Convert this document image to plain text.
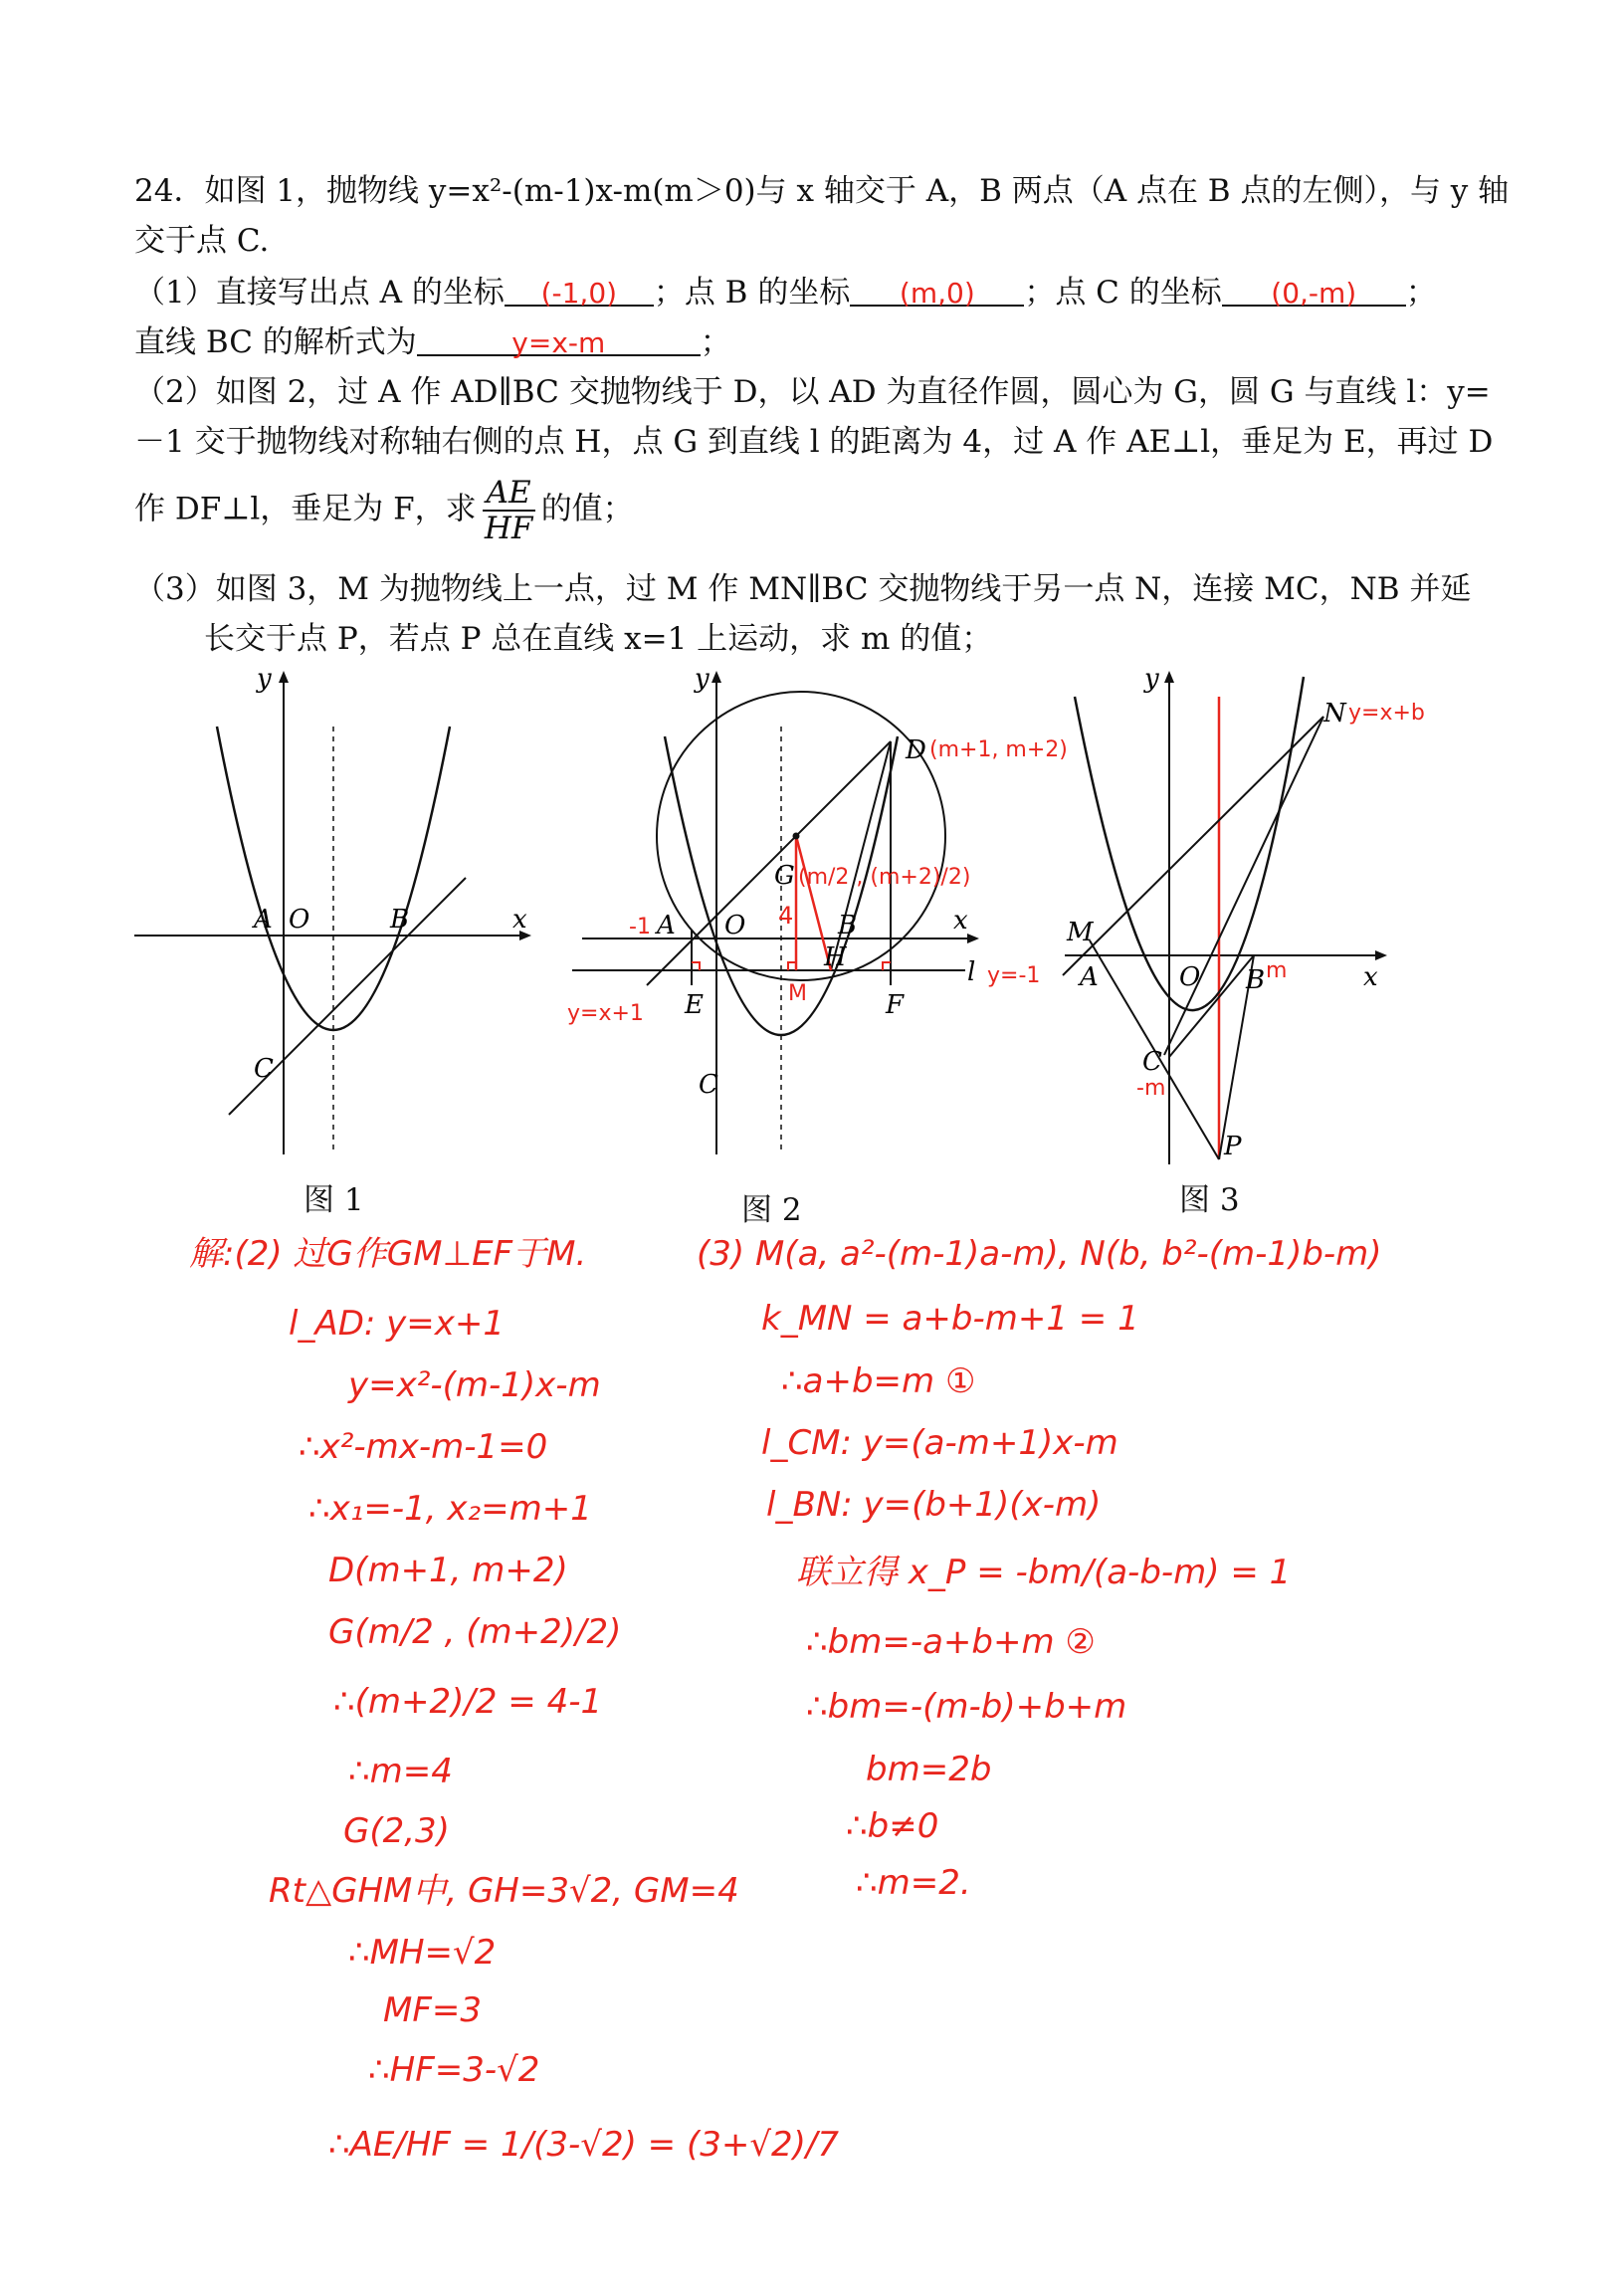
24．如图 1，抛物线 y=x²-(m-1)x-m(m＞0)与 x 轴交于 A，B 两点（A 点在 B 点的左侧），与 y 轴
交于点 C.
（1）直接写出点 A 的坐标 (-1,0) ；点 B 的坐标 (m,0) ；点 C 的坐标 (0,-m) ；
直线 BC 的解析式为	y=x-m	；
（2）如图 2，过 A 作 AD∥BC 交抛物线于 D，以 AD 为直径作圆，圆心为 G，圆 G 与直线 l：y=
－1 交于抛物线对称轴右侧的点 H，点 G 到直线 l 的距离为 4，过 A 作 AE⊥l，垂足为 E，再过 D
作 DF⊥l，垂足为 F，求 $\frac{AE}{HF}$ 的值；
（3）如图 3，M 为抛物线上一点，过 M 作 MN∥BC 交抛物线于另一点 N，连接 MC，NB 并延
长交于点 P，若点 P 总在直线 x=1 上运动，求 m 的值；
A O	B	x
y
C
图 1
D (m+1, m+2)
G (m/2 , (m+2)/2)
4
A
-1	O	B	x
y
H
E	M	F
l y=-1
y=x+1
C
图 2
N y=x+b
y
M
A	O	m
B	x
C
-m
P
图 3
解:(2) 过G作GM⊥EF于M.
l_AD: y=x+1
y=x²-(m-1)x-m
∴x²-mx-m-1=0
∴x₁=-1, x₂=m+1
D(m+1, m+2)
G(m/2 , (m+2)/2)
∴(m+2)/2 = 4-1
∴m=4
G(2,3)
Rt△GHM中, GH=3√2, GM=4
∴MH=√2
MF=3
∴HF=3-√2
∴AE/HF = 1/(3-√2) = (3+√2)/7
(3) M(a, a²-(m-1)a-m), N(b, b²-(m-1)b-m)
k_MN = a+b-m+1 = 1
∴a+b=m ①
l_CM: y=(a-m+1)x-m
l_BN: y=(b+1)(x-m)
联立得 x_P = -bm/(a-b-m) = 1
∴bm=-a+b+m ②
∴bm=-(m-b)+b+m
bm=2b
∴b≠0
∴m=2.
